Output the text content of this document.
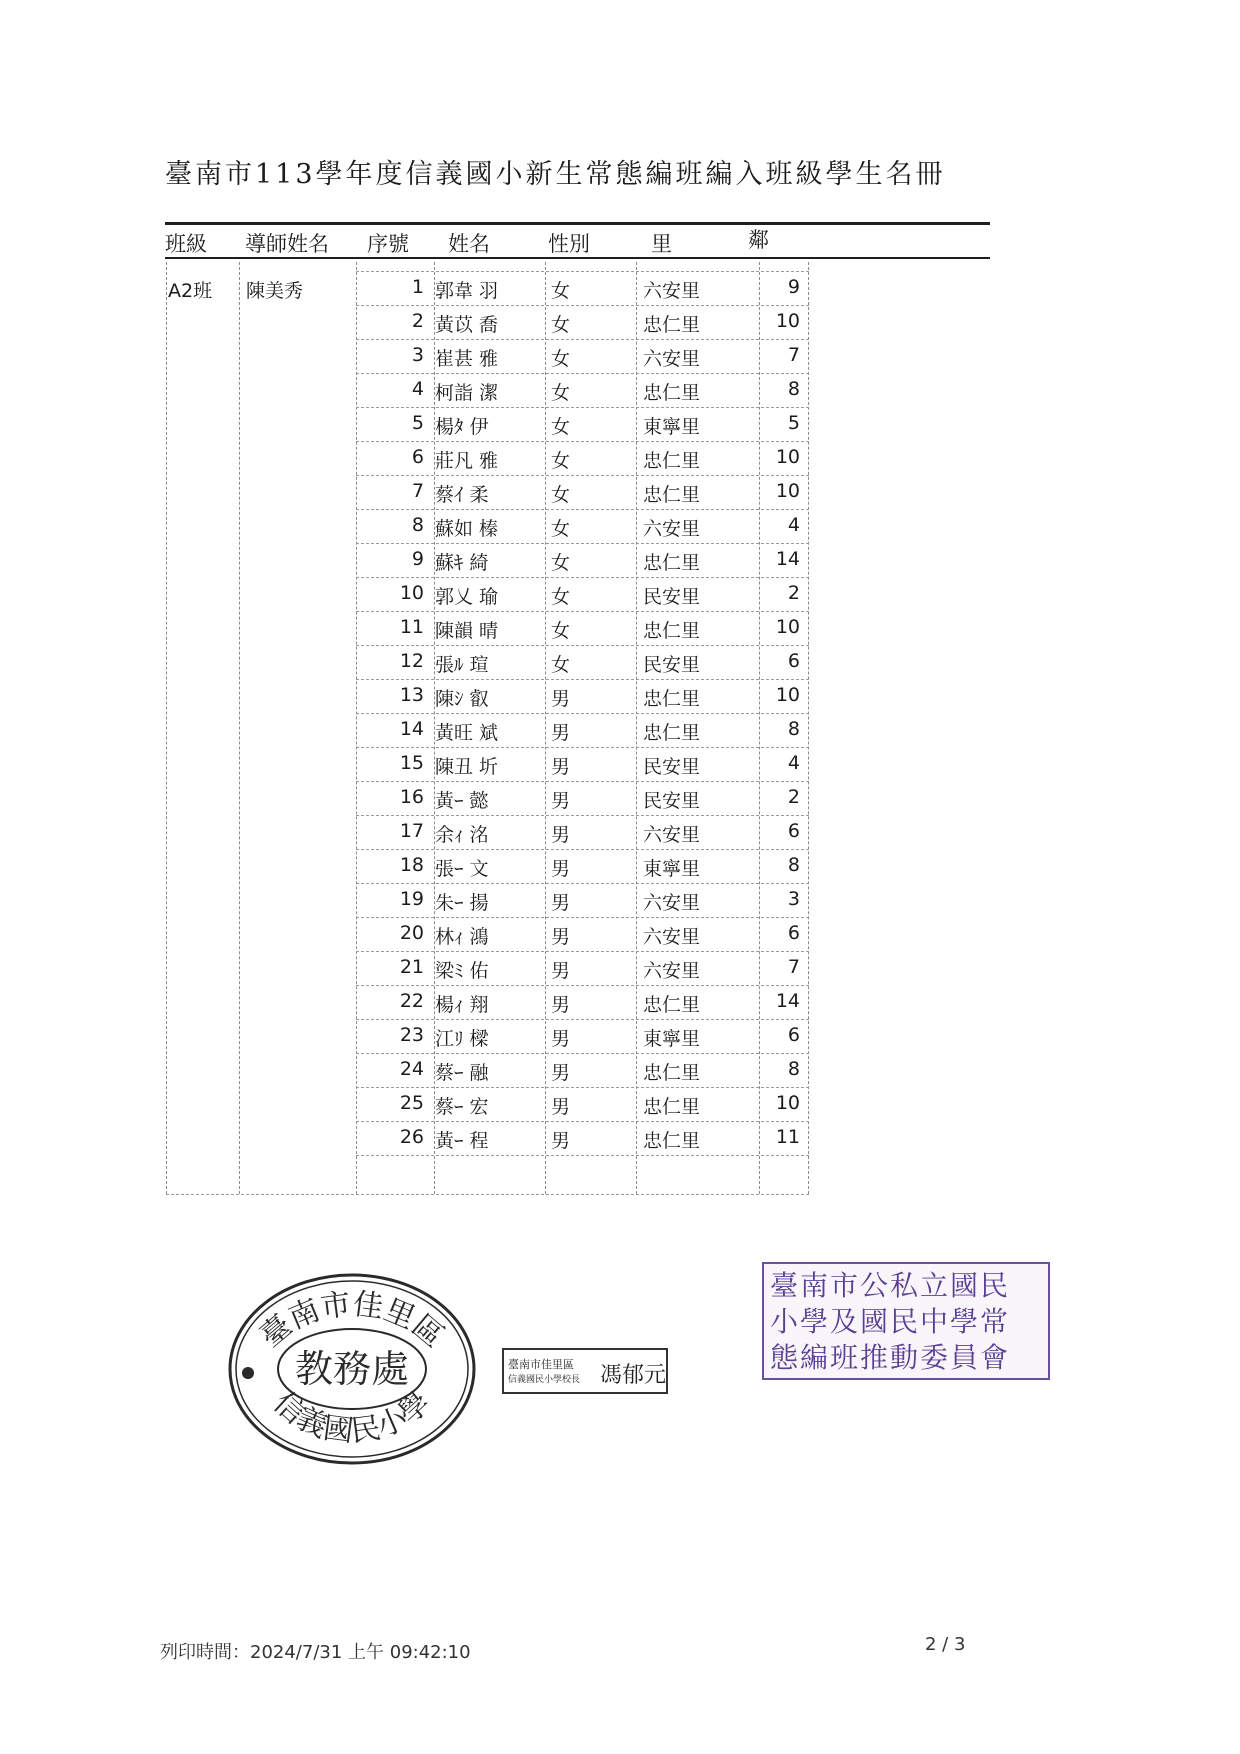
臺南市113學年度信義國小新生常態編班編入班級學生名冊
班級 導師姓名 序號 姓名	性別	里	鄰
A2班 陳美秀	1 郭韋 羽	女	六安里	9
2 黃苡 喬	女	忠仁里	10
3 崔甚 雅	女	六安里	7
4 柯詣 潔	女	忠仁里	8
5 楊ﾀ 伊	女	東寧里	5
6 莊凡 雅	女	忠仁里	10
7 蔡ｲ 柔	女	忠仁里	10
8 蘇如 榛	女	六安里	4
9 蘇ｷ 綺	女	忠仁里	14
10 郭乂 瑜	女	民安里	2
11 陳韻 晴	女	忠仁里	10
12 張ﾙ 瑄	女	民安里	6
13 陳ｼ 叡	男	忠仁里	10
14 黃旺 斌	男	忠仁里	8
15 陳丑 圻	男	民安里	4
16 黃ｰ 懿	男	民安里	2
17 余ｨ 洺	男	六安里	6
18 張ｰ 文	男	東寧里	8
19 朱ｰ 揚	男	六安里	3
20 林ｨ 鴻	男	六安里	6
21 梁ﾐ 佑	男	六安里	7
22 楊ｨ 翔	男	忠仁里	14
23 江ﾘ 樑	男	東寧里	6
24 蔡ｰ 融	男	忠仁里	8
25 蔡ｰ 宏	男	忠仁里	10
26 黃ｰ 程	男	忠仁里	11
臺南市佳里區
信義國民小學
教務處	臺南市佳里區
信義國民小學校長 馮郁元
臺南市公私立國民
小學及國民中學常
態編班推動委員會
列印時間：2024/7/31 上午 09:42:10	2 / 3
